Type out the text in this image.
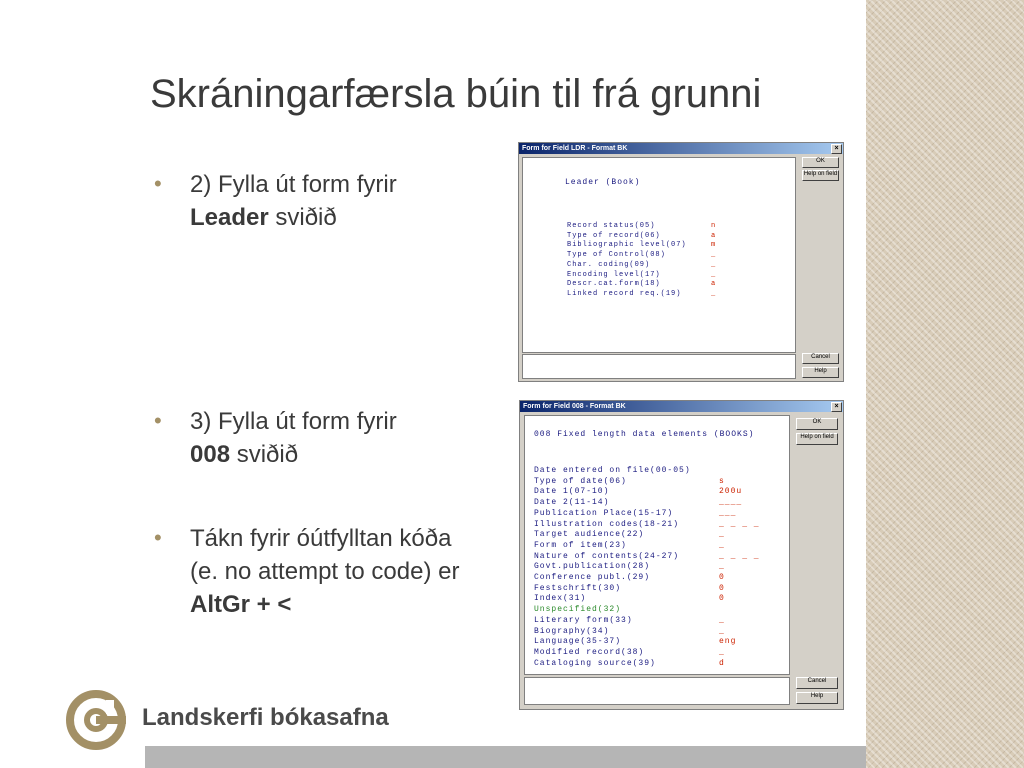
Skráningarfærsla búin til frá grunni
• 2) Fylla út form fyrir
Leader sviðið
• 3) Fylla út form fyrir
008 sviðið
• Tákn fyrir óútfylltan kóða (e. no attempt to code) er AltGr + <
Form for Field LDR - Format BK	×
Leader (Book)
Record status(05)	n
Type of record(06)	a
Bibliographic level(07)	m
Type of Control(08)	_
Char. coding(09)	_
Encoding level(17)	_
Descr.cat.form(18)	a
Linked record req.(19)	_
OK
Help on field
Cancel
Help
Form for Field 008 - Format BK	×
008 Fixed length data elements (BOOKS)
Date entered on file(00-05)
Type of date(06)	s
Date 1(07-10)	200u
Date 2(11-14)	____
Publication Place(15-17)	___
Illustration codes(18-21)	_ _ _ _
Target audience(22)	_
Form of item(23)	_
Nature of contents(24-27)	_ _ _ _
Govt.publication(28)	_
Conference publ.(29)	0
Festschrift(30)	0
Index(31)	0
Unspecified(32)
Literary form(33)	_
Biography(34)	_
Language(35-37)	eng
Modified record(38)	_
Cataloging source(39)	d
OK
Help on field
Cancel
Help
Landskerfi bókasafna
